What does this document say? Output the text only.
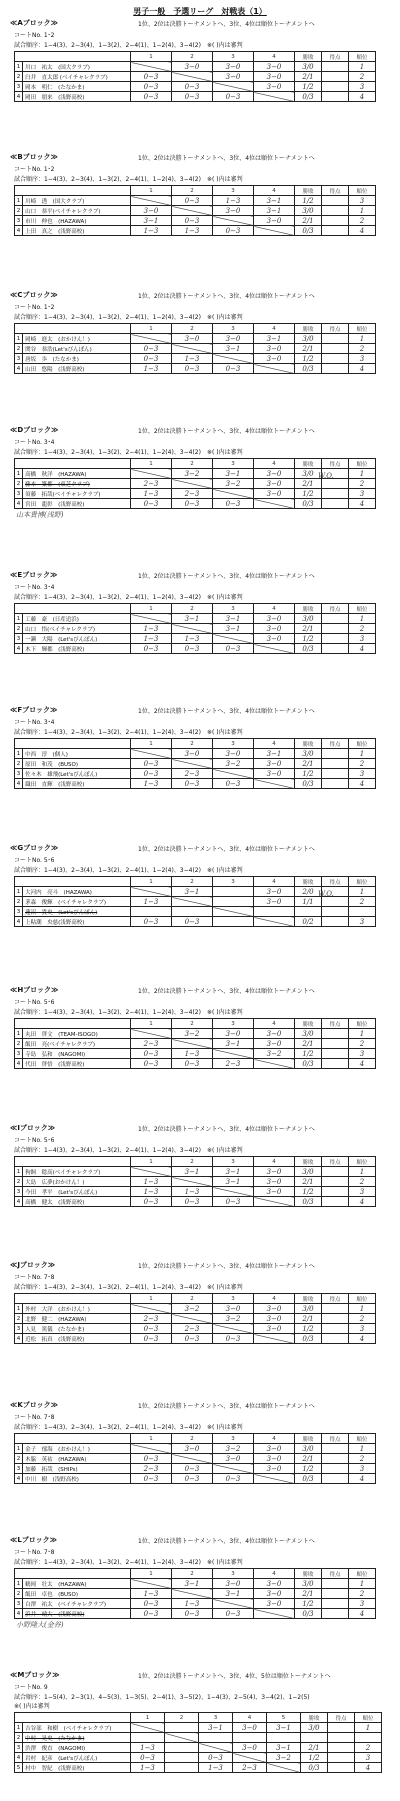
男子一般　予選リーグ　対戦表（1）
≪Aブロック≫	1位、2位は決勝トーナメントへ、3位、4位は順位トーナメントへ
コートNo. 1･2
試合順序：1−4(3)、2−3(4)、1−3(2)、2−4(1)、1−2(4)、3−4(2)　※( )内は審判
		1	2	3	4	勝敗	得点	順位
1	川口　祐太　(国大クラブ)		3−0	3−0	3−0	3/0		1
2	臼井　直太郎 (ベイチャレクラブ)	0−3		3−0	3−0	2/1		2
3	岡本　明仁　(たなかま)	0−3	0−3		3−0	1/2		3
4	岡田　朋来　(浅野高校)	0−3	0−3	0−3		0/3		4
≪Bブロック≫	1位、2位は決勝トーナメントへ、3位、4位は順位トーナメントへ
コートNo. 1･2
試合順序：1−4(3)、2−3(4)、1−3(2)、2−4(1)、1−2(4)、3−4(2)　※( )内は審判
		1	2	3	4	勝敗	得点	順位
1	川崎　透　(国大クラブ)		0−3	1−3	3−1	1/2		3
2	山口　恭平(ベイチャレクラブ)	3−0		3−0	3−1	3/0		1
3	市川　伸也　(HAZAWA)	3−1	0−3		3−0	2/1		2
4	上田　真之　(浅野高校)	1−3	1−3	0−3		0/3		4
≪Cブロック≫	1位、2位は決勝トーナメントへ、3位、4位は順位トーナメントへ
コートNo. 1･2
試合順序：1−4(3)、2−3(4)、1−3(2)、2−4(1)、1−2(4)、3−4(2)　※( )内は審判
		1	2	3	4	勝敗	得点	順位
1	岡崎　進太　(おかけん！)		3−0	3−0	3−1	3/0		1
2	関谷　恭浩(Let'sぴんぽん)	0−3		3−1	3−0	2/1		2
3	唐坂　歩　(たなかま)	0−3	1−3		3−0	1/2		3
4	山田　悠陽　(浅野高校)	1−3	0−3	0−3		0/3		4
≪Dブロック≫	1位、2位は決勝トーナメントへ、3位、4位は順位トーナメントへ
コートNo. 3･4
試合順序：1−4(3)、2−3(4)、1−3(2)、2−4(1)、1−2(4)、3−4(2)　※( )内は審判
		1	2	3	4	勝敗	得点	順位
1	高橋　秋洋　(HAZAWA)		3−2	3−1	3−0	3/0		1
2	藤本　築都　(東芝クラブ)	2−3		3−2	3−0	2/1		2
3	須藤　拓哉(ベイチャレクラブ)	1−3	2−3		3−0	1/2		3
4	宮田　龍彰　(浅野高校)	0−3	0−3	0−3		0/3		4
山本貴博(浅野)
W.O.
≪Eブロック≫	1位、2位は決勝トーナメントへ、3位、4位は順位トーナメントへ
コートNo. 3･4
試合順序：1−4(3)、2−3(4)、1−3(2)、2−4(1)、1−2(4)、3−4(2)　※( )内は審判
		1	2	3	4	勝敗	得点	順位
1	工藤　豪　(日産追浜)		3−1	3−1	3−0	3/0		1
2	山口　悟(ベイチャレクラブ)	1−3		3−1	3−0	2/1		2
3	一瀬　大陽　(Let'sぴんぽん)	1−3	1−3		3−0	1/2		3
4	木下　輝都　(浅野高校)	0−3	0−3	0−3		0/3		4
≪Fブロック≫	1位、2位は決勝トーナメントへ、3位、4位は順位トーナメントへ
コートNo. 3･4
試合順序：1−4(3)、2−3(4)、1−3(2)、2−4(1)、1−2(4)、3−4(2)　※( )内は審判
		1	2	3	4	勝敗	得点	順位
1	中西　淳　(個人)		3−0	3−0	3−1	3/0		1
2	原田　和茂　(BUSO)	0−3		3−2	3−0	2/1		2
3	佐々木　雄飛(Let'sぴんぽん)	0−3	2−3		3−0	1/2		3
4	織田　直輝　(浅野高校)	1−3	0−3	0−3		0/3		4
≪Gブロック≫	1位、2位は決勝トーナメントへ、3位、4位は順位トーナメントへ
コートNo. 5･6
試合順序：1−4(3)、2−3(4)、1−3(2)、2−4(1)、1−2(4)、3−4(2)　※( )内は審判
		1	2	3	4	勝敗	得点	順位
1	大河内　亮斗　(HAZAWA)		3−1		3−0	2/0		1
2	茅森　俊輝　(ベイチャレクラブ)	1−3			3−0	1/1		2
3	蓮沼　貴史　(Let'sぴんぽん)							
4	上粘潮　央慈(浅野高校)	0−3	0−3			0/2		3
W.O.
≪Hブロック≫	1位、2位は決勝トーナメントへ、3位、4位は順位トーナメントへ
コートNo. 5･6
試合順序：1−4(3)、2−3(4)、1−3(2)、2−4(1)、1−2(4)、3−4(2)　※( )内は審判
		1	2	3	4	勝敗	得点	順位
1	丸田　啓文　(TEAM-ISOGO)		3−2	3−0	3−0	3/0		1
2	飯田　亮(ベイチャレクラブ)	2−3		3−1	3−0	2/1		2
3	寺島　弘和　(NAGOMI)	0−3	1−3		3−2	1/2		3
4	代田　啓悟　(浅野高校)	0−3	0−3	2−3		0/3		4
≪Iブロック≫	1位、2位は決勝トーナメントへ、3位、4位は順位トーナメントへ
コートNo. 5･6
試合順序：1−4(3)、2−3(4)、1−3(2)、2−4(1)、1−2(4)、3−4(2)　※( )内は審判
		1	2	3	4	勝敗	得点	順位
1	狗飼　稔高(ベイチャレクラブ)		3−1	3−1	3−0	3/0		1
2	大島　広夢(おかけん！)	1−3		3−1	3−0	2/1		2
3	今田　孝平　(Let'sぴんぽん)	1−3	1−3		3−0	1/2		3
4	高橋　健太　(浅野高校)	0−3	0−3	0−3		0/3		4
≪Jブロック≫	1位、2位は決勝トーナメントへ、3位、4位は順位トーナメントへ
コートNo. 7･8
試合順序：1−4(3)、2−3(4)、1−3(2)、2−4(1)、1−2(4)、3−4(2)　※( )内は審判
		1	2	3	4	勝敗	得点	順位
1	外村　大洋　(おかけん！)		3−2	3−0	3−0	3/0		1
2	北野　健二　(HAZAWA)	2−3		3−2	3−0	2/1		2
3	人見　篤儀　(たなかま)	0−3	2−3		3−0	1/2		3
4	近松　拓真　(浅野高校)	0−3	0−3	0−3		0/3		4
≪Kブロック≫	1位、2位は決勝トーナメントへ、3位、4位は順位トーナメントへ
コートNo. 7･8
試合順序：1−4(3)、2−3(4)、1−3(2)、2−4(1)、1−2(4)、3−4(2)　※( )内は審判
		1	2	3	4	勝敗	得点	順位
1	金子　郁海　(おかけん！)		3−0	3−2	3−0	3/0		1
2	木脇　英祐　(HAZAWA)	0−3		3−0	3−0	2/1		2
3	加藤　拓哉　(SHIPs)	2−3	0−3		3−0	1/2		3
4	中川　樹　(浅野高校)	0−3	0−3	0−3		0/3		4
≪Lブロック≫	1位、2位は決勝トーナメントへ、3位、4位は順位トーナメントへ
コートNo. 7･8
試合順序：1−4(3)、2−3(4)、1−3(2)、2−4(1)、1−2(4)、3−4(2)　※( )内は審判
		1	2	3	4	勝敗	得点	順位
1	鶴岡　壮太　(HAZAWA)		3−1	3−0	3−0	3/0		1
2	飯田　卓也　(BUSO)	1−3		3−1	3−0	2/1		2
3	白澤　祐太　(ベイチャレクラブ)	0−3	1−3		3−0	1/2		3
4	浜井　晴大　(浅野高校)	0−3	0−3	0−3		0/3		4
小野隆大(金谷)
≪Mブロック≫	1位、2位は決勝トーナメントへ、3位、4位、5位は順位トーナメントへ
コートNo. 9
試合順序：1−5(4)、2−3(1)、4−5(3)、1−3(5)、2−4(1)、3−5(2)、1−4(3)、2−5(4)、3−4(2)、1−2(5)
※( )内は審判
		1	2	3	4	5	勝敗	得点	順位
1	吉谷部　和樹　(ベイチャレクラブ)			3−1	3−0	3−1	3/0		1
2	中村　晃史　(たなかま)								
3	渋澤　俊直　(NAGOMI)	1−3			3−0	3−1	2/1		2
4	岩村　紀彦　(Let'sぴんぽん)	0−3		0−3		3−2	1/2		3
5	村中　智紀　(浅野高校)	1−3		1−3	2−3		0/3		4
